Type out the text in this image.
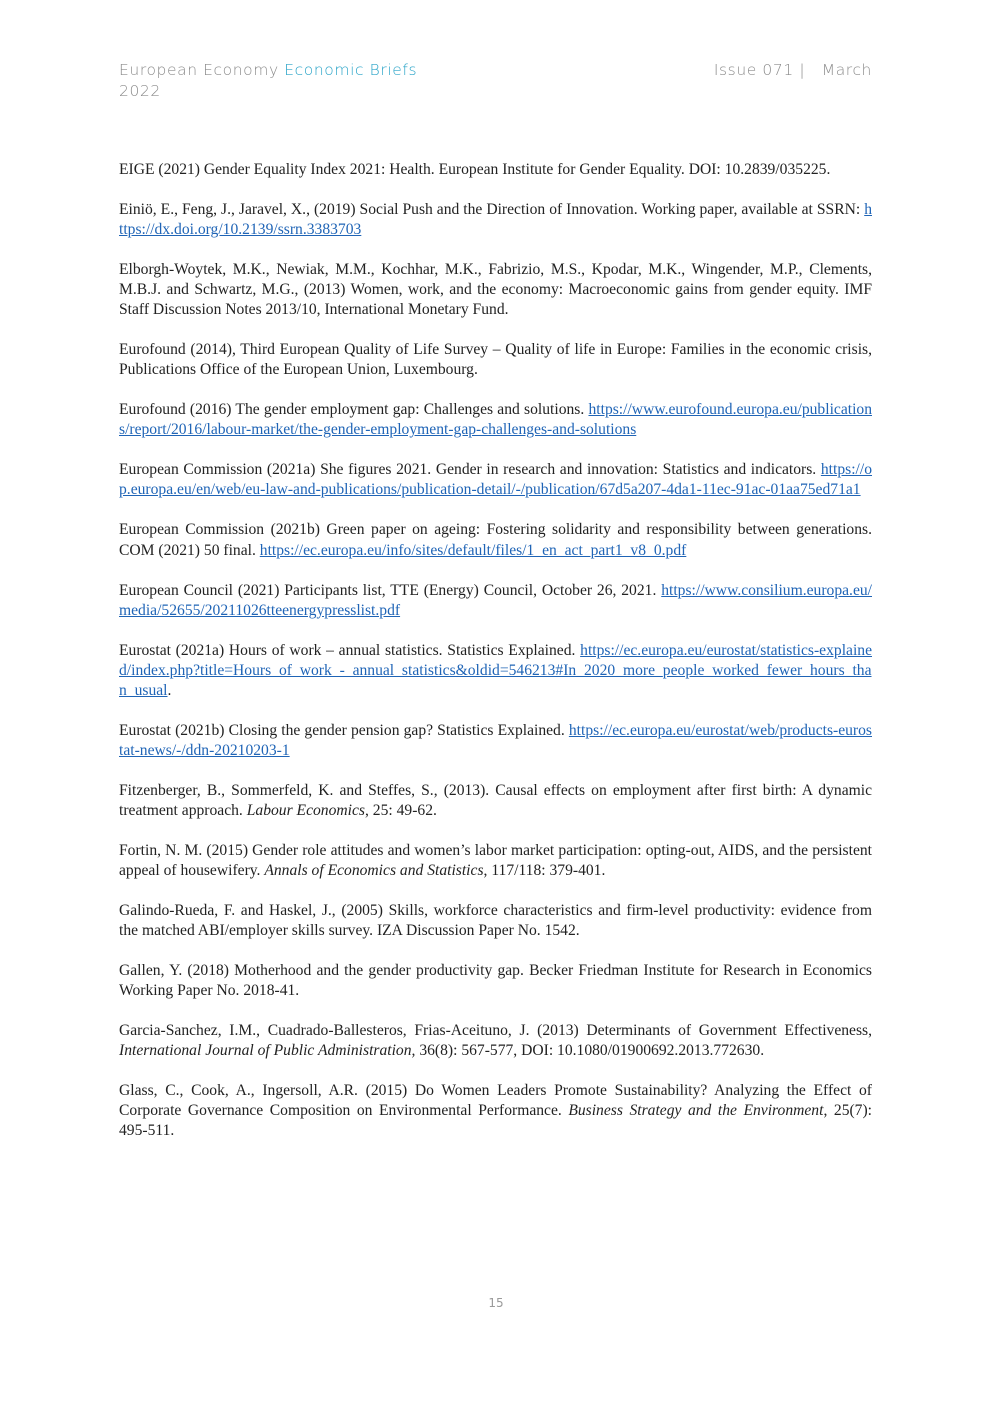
European Economy Economic Briefs	Issue 071 |   March
2022

EIGE (2021) Gender Equality Index 2021: Health. European Institute for Gender Equality. DOI: 10.2839/035225.

Einiö, E., Feng, J., Jaravel, X., (2019) Social Push and the Direction of Innovation. Working paper, available at SSRN: https://dx.doi.org/10.2139/ssrn.3383703

Elborgh-Woytek, M.K., Newiak, M.M., Kochhar, M.K., Fabrizio, M.S., Kpodar, M.K., Wingender, M.P., Clements, M.B.J. and Schwartz, M.G., (2013) Women, work, and the economy: Macroeconomic gains from gender equity. IMF Staff Discussion Notes 2013/10, International Monetary Fund.

Eurofound (2014), Third European Quality of Life Survey – Quality of life in Europe: Families in the economic crisis, Publications Office of the European Union, Luxembourg.

Eurofound (2016) The gender employment gap: Challenges and solutions. https://www.eurofound.europa.eu/publications/report/2016/labour-market/the-gender-employment-gap-challenges-and-solutions

European Commission (2021a) She figures 2021. Gender in research and innovation: Statistics and indicators. https://op.europa.eu/en/web/eu-law-and-publications/publication-detail/-/publication/67d5a207-4da1-11ec-91ac-01aa75ed71a1

European Commission (2021b) Green paper on ageing: Fostering solidarity and responsibility between generations. COM (2021) 50 final. https://ec.europa.eu/info/sites/default/files/1_en_act_part1_v8_0.pdf

European Council (2021) Participants list, TTE (Energy) Council, October 26, 2021. https://www.consilium.europa.eu/media/52655/20211026tteenergypresslist.pdf

Eurostat (2021a) Hours of work – annual statistics. Statistics Explained. https://ec.europa.eu/eurostat/statistics-explained/index.php?title=Hours_of_work_-_annual_statistics&oldid=546213#In_2020_more_people_worked_fewer_hours_than_usual.

Eurostat (2021b) Closing the gender pension gap? Statistics Explained. https://ec.europa.eu/eurostat/web/products-eurostat-news/-/ddn-20210203-1

Fitzenberger, B., Sommerfeld, K. and Steffes, S., (2013). Causal effects on employment after first birth: A dynamic treatment approach. Labour Economics, 25: 49-62.

Fortin, N. M. (2015) Gender role attitudes and women’s labor market participation: opting-out, AIDS, and the persistent appeal of housewifery. Annals of Economics and Statistics, 117/118: 379-401.

Galindo-Rueda, F. and Haskel, J., (2005) Skills, workforce characteristics and firm-level productivity: evidence from the matched ABI/employer skills survey. IZA Discussion Paper No. 1542.

Gallen, Y. (2018) Motherhood and the gender productivity gap. Becker Friedman Institute for Research in Economics Working Paper No. 2018-41.

Garcia-Sanchez, I.M., Cuadrado-Ballesteros, Frias-Aceituno, J. (2013) Determinants of Government Effectiveness, International Journal of Public Administration, 36(8): 567-577, DOI: 10.1080/01900692.2013.772630.

Glass, C., Cook, A., Ingersoll, A.R. (2015) Do Women Leaders Promote Sustainability? Analyzing the Effect of Corporate Governance Composition on Environmental Performance. Business Strategy and the Environment, 25(7): 495-511.

15
